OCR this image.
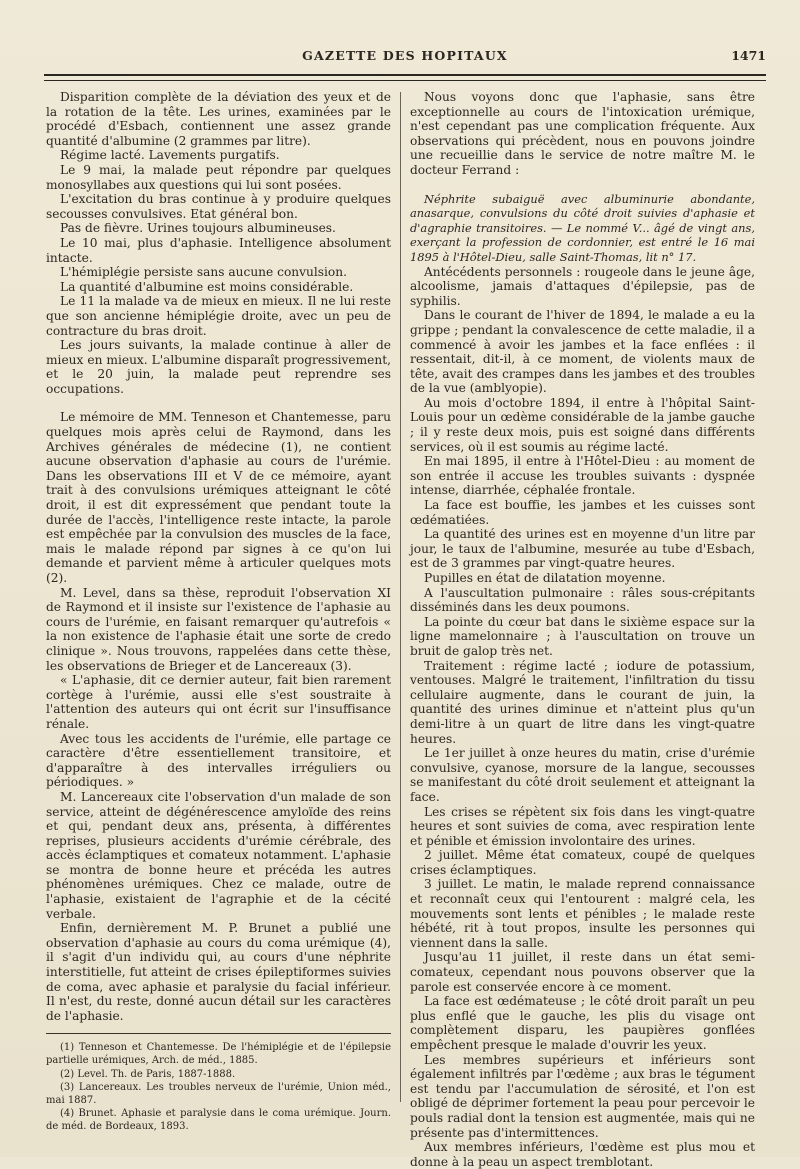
GAZETTE DES HOPITAUX	1471

Disparition complète de la déviation des yeux et de la rotation de la tête. Les urines, examinées par le procédé d'Esbach, contiennent une assez grande quantité d'albumine (2 grammes par litre).

Régime lacté. Lavements purgatifs.

Le 9 mai, la malade peut répondre par quelques monosyllabes aux questions qui lui sont posées.

L'excitation du bras continue à y produire quelques secousses convulsives. Etat général bon.

Pas de fièvre. Urines toujours albumineuses.

Le 10 mai, plus d'aphasie. Intelligence absolument intacte.

L'hémiplégie persiste sans aucune convulsion.

La quantité d'albumine est moins considérable.

Le 11 la malade va de mieux en mieux. Il ne lui reste que son ancienne hémiplégie droite, avec un peu de contracture du bras droit.

Les jours suivants, la malade continue à aller de mieux en mieux. L'albumine disparaît progressivement, et le 20 juin, la malade peut reprendre ses occupations.

Le mémoire de MM. Tenneson et Chantemesse, paru quelques mois après celui de Raymond, dans les Archives générales de médecine (1), ne contient aucune observation d'aphasie au cours de l'urémie. Dans les observations III et V de ce mémoire, ayant trait à des convulsions urémiques atteignant le côté droit, il est dit expressément que pendant toute la durée de l'accès, l'intelligence reste intacte, la parole est empêchée par la convulsion des muscles de la face, mais le malade répond par signes à ce qu'on lui demande et parvient même à articuler quelques mots (2).

M. Level, dans sa thèse, reproduit l'observation XI de Raymond et il insiste sur l'existence de l'aphasie au cours de l'urémie, en faisant remarquer qu'autrefois « la non existence de l'aphasie était une sorte de credo clinique ». Nous trouvons, rappelées dans cette thèse, les observations de Brieger et de Lancereaux (3).

« L'aphasie, dit ce dernier auteur, fait bien rarement cortège à l'urémie, aussi elle s'est soustraite à l'attention des auteurs qui ont écrit sur l'insuffisance rénale.

Avec tous les accidents de l'urémie, elle partage ce caractère d'être essentiellement transitoire, et d'apparaître à des intervalles irréguliers ou périodiques. »

M. Lancereaux cite l'observation d'un malade de son service, atteint de dégénérescence amyloïde des reins et qui, pendant deux ans, présenta, à différentes reprises, plusieurs accidents d'urémie cérébrale, des accès éclamptiques et comateux notamment. L'aphasie se montra de bonne heure et précéda les autres phénomènes urémiques. Chez ce malade, outre de l'aphasie, existaient de l'agraphie et de la cécité verbale.

Enfin, dernièrement M. P. Brunet a publié une observation d'aphasie au cours du coma urémique (4), il s'agit d'un individu qui, au cours d'une néphrite interstitielle, fut atteint de crises épileptiformes suivies de coma, avec aphasie et paralysie du facial inférieur. Il n'est, du reste, donné aucun détail sur les caractères de l'aphasie.

(1) Tenneson et Chantemesse. De l'hémiplégie et de l'épilepsie partielle urémiques, Arch. de méd., 1885.

(2) Level. Th. de Paris, 1887-1888.

(3) Lancereaux. Les troubles nerveux de l'urémie, Union méd., mai 1887.

(4) Brunet. Aphasie et paralysie dans le coma urémique. Journ. de méd. de Bordeaux, 1893.

Nous voyons donc que l'aphasie, sans être exceptionnelle au cours de l'intoxication urémique, n'est cependant pas une complication fréquente. Aux observations qui précèdent, nous en pouvons joindre une recueillie dans le service de notre maître M. le docteur Ferrand :

Néphrite subaiguë avec albuminurie abondante, anasarque, convulsions du côté droit suivies d'aphasie et d'agraphie transitoires. — Le nommé V... âgé de vingt ans, exerçant la profession de cordonnier, est entré le 16 mai 1895 à l'Hôtel-Dieu, salle Saint-Thomas, lit n° 17.

Antécédents personnels : rougeole dans le jeune âge, alcoolisme, jamais d'attaques d'épilepsie, pas de syphilis.

Dans le courant de l'hiver de 1894, le malade a eu la grippe ; pendant la convalescence de cette maladie, il a commencé à avoir les jambes et la face enflées : il ressentait, dit-il, à ce moment, de violents maux de tête, avait des crampes dans les jambes et des troubles de la vue (amblyopie).

Au mois d'octobre 1894, il entre à l'hôpital Saint-Louis pour un œdème considérable de la jambe gauche ; il y reste deux mois, puis est soigné dans différents services, où il est soumis au régime lacté.

En mai 1895, il entre à l'Hôtel-Dieu : au moment de son entrée il accuse les troubles suivants : dyspnée intense, diarrhée, céphalée frontale.

La face est bouffie, les jambes et les cuisses sont œdématiées.

La quantité des urines est en moyenne d'un litre par jour, le taux de l'albumine, mesurée au tube d'Esbach, est de 3 grammes par vingt-quatre heures.

Pupilles en état de dilatation moyenne.

A l'auscultation pulmonaire : râles sous-crépitants disséminés dans les deux poumons.

La pointe du cœur bat dans le sixième espace sur la ligne mamelonnaire ; à l'auscultation on trouve un bruit de galop très net.

Traitement : régime lacté ; iodure de potassium, ventouses. Malgré le traitement, l'infiltration du tissu cellulaire augmente, dans le courant de juin, la quantité des urines diminue et n'atteint plus qu'un demi-litre à un quart de litre dans les vingt-quatre heures.

Le 1er juillet à onze heures du matin, crise d'urémie convulsive, cyanose, morsure de la langue, secousses se manifestant du côté droit seulement et atteignant la face.

Les crises se répètent six fois dans les vingt-quatre heures et sont suivies de coma, avec respiration lente et pénible et émission involontaire des urines.

2 juillet. Même état comateux, coupé de quelques crises éclamptiques.

3 juillet. Le matin, le malade reprend connaissance et reconnaît ceux qui l'entourent : malgré cela, les mouvements sont lents et pénibles ; le malade reste hébété, rit à tout propos, insulte les personnes qui viennent dans la salle.

Jusqu'au 11 juillet, il reste dans un état semi-comateux, cependant nous pouvons observer que la parole est conservée encore à ce moment.

La face est œdémateuse ; le côté droit paraît un peu plus enflé que le gauche, les plis du visage ont complètement disparu, les paupières gonflées empêchent presque le malade d'ouvrir les yeux.

Les membres supérieurs et inférieurs sont également infiltrés par l'œdème ; aux bras le tégument est tendu par l'accumulation de sérosité, et l'on est obligé de déprimer fortement la peau pour percevoir le pouls radial dont la tension est augmentée, mais qui ne présente pas d'intermittences.

Aux membres inférieurs, l'œdème est plus mou et donne à la peau un aspect tremblotant.
